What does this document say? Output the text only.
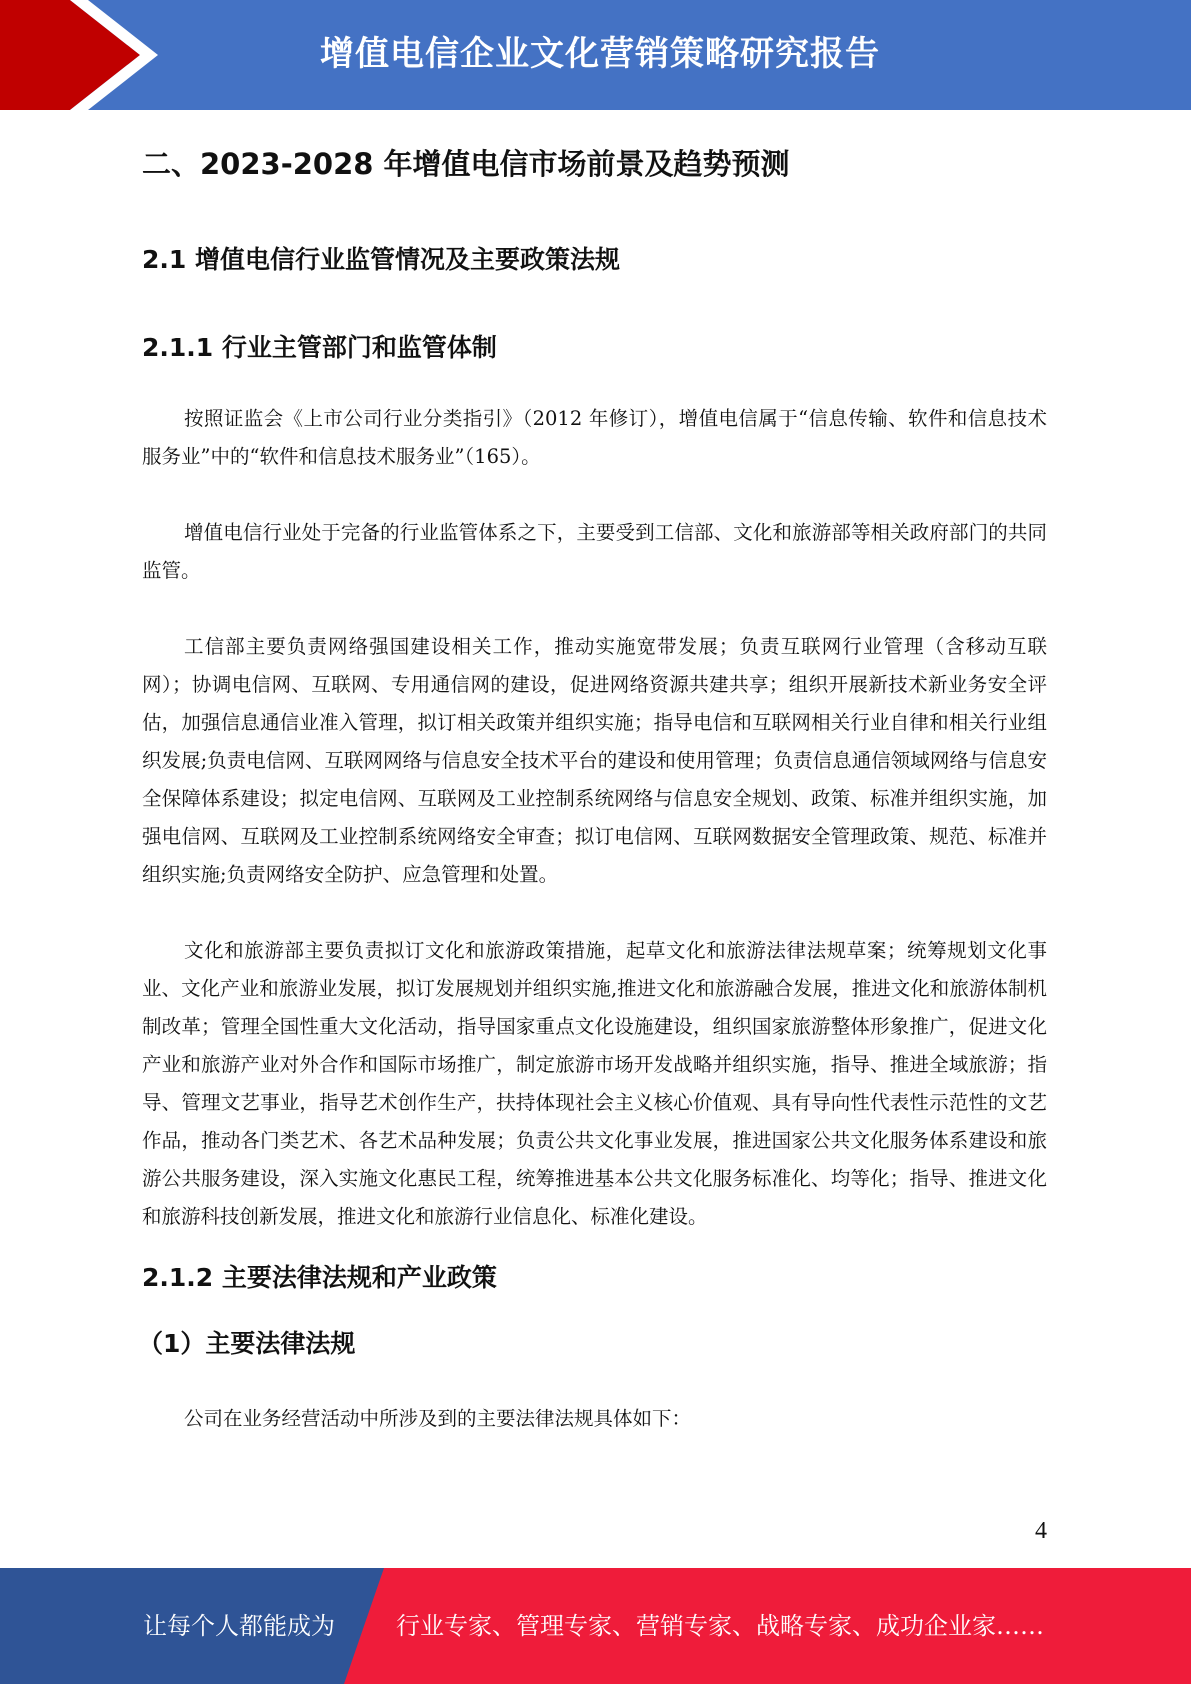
增值电信企业文化营销策略研究报告
二、2023-2028 年增值电信市场前景及趋势预测
2.1 增值电信行业监管情况及主要政策法规
2.1.1 行业主管部门和监管体制

按照证监会《上市公司行业分类指引》（2012 年修订），增值电信属于“信息传输、软件和信息技术服务业”中的“软件和信息技术服务业”（165）。

增值电信行业处于完备的行业监管体系之下，主要受到工信部、文化和旅游部等相关政府部门的共同监管。

工信部主要负责网络强国建设相关工作，推动实施宽带发展；负责互联网行业管理（含移动互联网）；协调电信网、互联网、专用通信网的建设，促进网络资源共建共享；组织开展新技术新业务安全评估，加强信息通信业准入管理，拟订相关政策并组织实施；指导电信和互联网相关行业自律和相关行业组织发展;负责电信网、互联网网络与信息安全技术平台的建设和使用管理；负责信息通信领域网络与信息安全保障体系建设；拟定电信网、互联网及工业控制系统网络与信息安全规划、政策、标准并组织实施，加强电信网、互联网及工业控制系统网络安全审查；拟订电信网、互联网数据安全管理政策、规范、标准并组织实施;负责网络安全防护、应急管理和处置。

文化和旅游部主要负责拟订文化和旅游政策措施，起草文化和旅游法律法规草案；统筹规划文化事业、文化产业和旅游业发展，拟订发展规划并组织实施,推进文化和旅游融合发展，推进文化和旅游体制机制改革；管理全国性重大文化活动，指导国家重点文化设施建设，组织国家旅游整体形象推广，促进文化产业和旅游产业对外合作和国际市场推广，制定旅游市场开发战略并组织实施，指导、推进全域旅游；指导、管理文艺事业，指导艺术创作生产，扶持体现社会主义核心价值观、具有导向性代表性示范性的文艺作品，推动各门类艺术、各艺术品种发展；负责公共文化事业发展，推进国家公共文化服务体系建设和旅游公共服务建设，深入实施文化惠民工程，统筹推进基本公共文化服务标准化、均等化；指导、推进文化和旅游科技创新发展，推进文化和旅游行业信息化、标准化建设。

2.1.2 主要法律法规和产业政策
（1）主要法律法规

公司在业务经营活动中所涉及到的主要法律法规具体如下：

4
让每个人都能成为	行业专家、管理专家、营销专家、战略专家、成功企业家……
